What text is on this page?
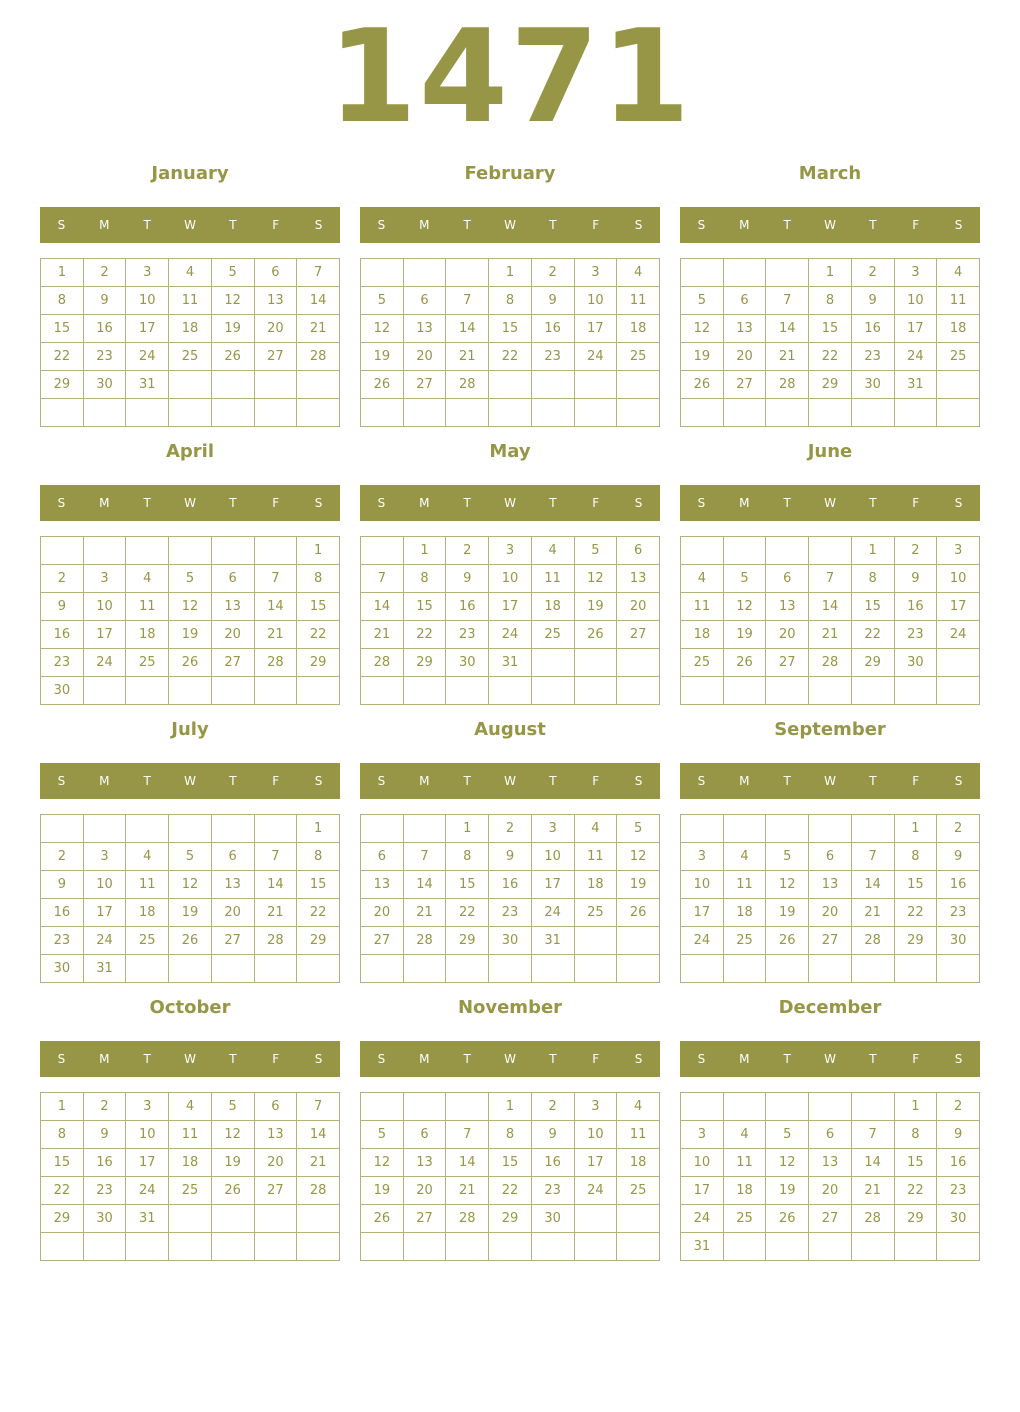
1471
January
S	M	T	W	T	F	S
1	2	3	4	5	6	7
8	9	10	11	12	13	14
15	16	17	18	19	20	21
22	23	24	25	26	27	28
29	30	31				

February
S	M	T	W	T	F	S
			1	2	3	4
5	6	7	8	9	10	11
12	13	14	15	16	17	18
19	20	21	22	23	24	25
26	27	28				

March
S	M	T	W	T	F	S
			1	2	3	4
5	6	7	8	9	10	11
12	13	14	15	16	17	18
19	20	21	22	23	24	25
26	27	28	29	30	31	

April
S	M	T	W	T	F	S
						1
2	3	4	5	6	7	8
9	10	11	12	13	14	15
16	17	18	19	20	21	22
23	24	25	26	27	28	29
30						
May
S	M	T	W	T	F	S
	1	2	3	4	5	6
7	8	9	10	11	12	13
14	15	16	17	18	19	20
21	22	23	24	25	26	27
28	29	30	31			

June
S	M	T	W	T	F	S
				1	2	3
4	5	6	7	8	9	10
11	12	13	14	15	16	17
18	19	20	21	22	23	24
25	26	27	28	29	30	

July
S	M	T	W	T	F	S
						1
2	3	4	5	6	7	8
9	10	11	12	13	14	15
16	17	18	19	20	21	22
23	24	25	26	27	28	29
30	31					
August
S	M	T	W	T	F	S
		1	2	3	4	5
6	7	8	9	10	11	12
13	14	15	16	17	18	19
20	21	22	23	24	25	26
27	28	29	30	31		

September
S	M	T	W	T	F	S
					1	2
3	4	5	6	7	8	9
10	11	12	13	14	15	16
17	18	19	20	21	22	23
24	25	26	27	28	29	30

October
S	M	T	W	T	F	S
1	2	3	4	5	6	7
8	9	10	11	12	13	14
15	16	17	18	19	20	21
22	23	24	25	26	27	28
29	30	31				

November
S	M	T	W	T	F	S
			1	2	3	4
5	6	7	8	9	10	11
12	13	14	15	16	17	18
19	20	21	22	23	24	25
26	27	28	29	30		

December
S	M	T	W	T	F	S
					1	2
3	4	5	6	7	8	9
10	11	12	13	14	15	16
17	18	19	20	21	22	23
24	25	26	27	28	29	30
31						
